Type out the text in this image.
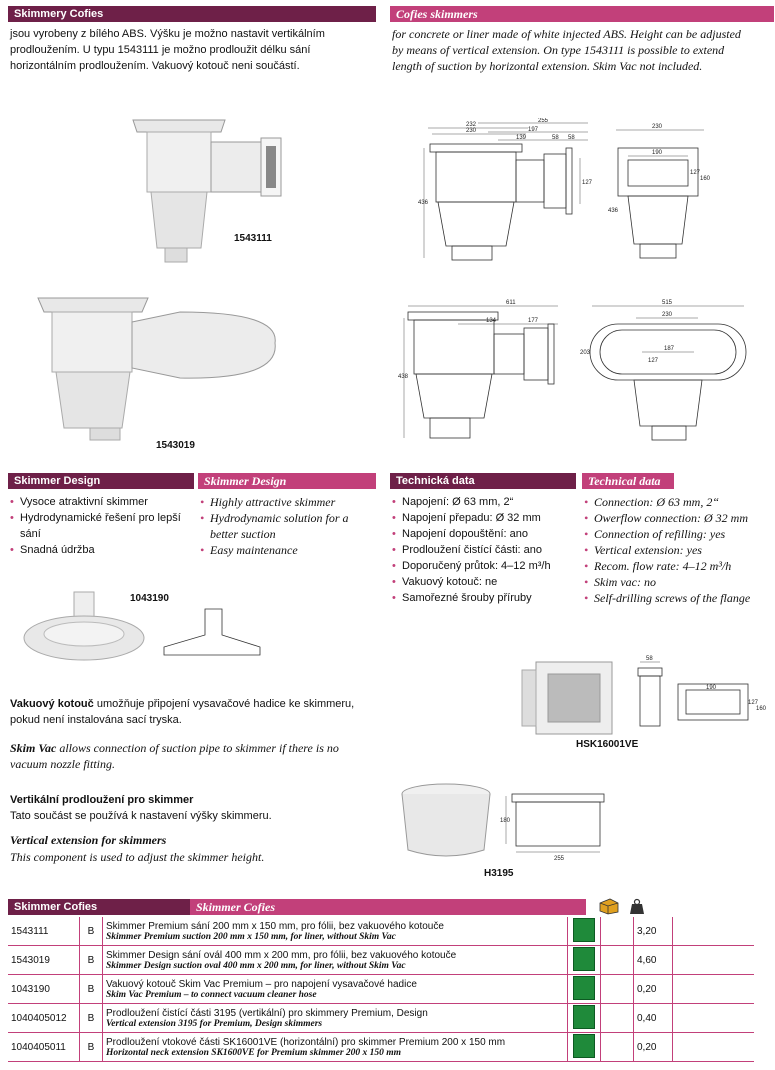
Skimmery Cofies	Cofies skimmers
jsou vyrobeny z bílého ABS. Výšku je možno nastavit vertikálním prodloužením. U typu 1543111 je možno prodloužit délku sání horizontálním prodloužením. Vakuový kotouč neni součástí.
for concrete or liner made of white injected ABS. Height can be adjusted by means of vertical extension. On type 1543111 is possible to extend length of suction by horizontal extension. Skim Vac not included.
1543111
1543019
232
230
255
197
139	58 58
127
436
230
190
127
160
436
611
134	177
438
515
230
187
203
127
Skimmer Design	Skimmer Design
• Vysoce atraktivní skimmer
• Hydrodynamické řešení pro lepší sání
• Snadná údržba
• Highly attractive skimmer
• Hydrodynamic solution for a better suction
• Easy maintenance
Technická data	Technical data
• Napojení: Ø 63 mm, 2“
• Napojení přepadu: Ø 32 mm
• Napojení dopouštění: ano
• Prodloužení čistící části: ano
• Doporučený průtok: 4–12 m³/h
• Vakuový kotouč: ne
• Samořezné šrouby příruby
• Connection: Ø 63 mm, 2“
• Owerflow connection: Ø 32 mm
• Connection of refilling: yes
• Vertical extension: yes
• Recom. flow rate: 4–12 m³/h
• Skim vac: no
• Self-drilling screws of the flange
1043190
Vakuový kotouč umožňuje připojení vysavačové hadice ke skimmeru, pokud není instalována sací tryska.
Skim Vac allows connection of suction pipe to skimmer if there is no vacuum nozzle fitting.
Vertikální prodloužení pro skimmer
Tato součást se používá k nastavení výšky skimmeru.
Vertical extension for skimmers
This component is used to adjust the skimmer height.
HSK16001VE
58
190
127
160
H3195
180
255
Skimmer Cofies	Skimmer Cofies
1543111	B	Skimmer Premium sání 200 mm x 150 mm, pro fólii, bez vakuového kotouče
Skimmer Premium suction 200 mm x 150 mm, for liner, without Skim Vac			3,20	
1543019	B	Skimmer Design sání ovál 400 mm x 200 mm, pro fólii, bez vakuového kotouče
Skimmer Design suction oval 400 mm x 200 mm, for liner, without Skim Vac			4,60	
1043190	B	Vakuový kotouč Skim Vac Premium – pro napojení vysavačové hadice
Skim Vac Premium – to connect vacuum cleaner hose			0,20	
1040405012	B	Prodloužení čistící části 3195 (vertikální) pro skimmery Premium, Design
Vertical extension 3195 for Premium, Design skimmers			0,40	
1040405011	B	Prodloužení vtokové části SK16001VE (horizontální) pro skimmer Premium 200 x 150 mm
Horizontal neck extension SK1600VE for Premium skimmer 200 x 150 mm			0,20	
